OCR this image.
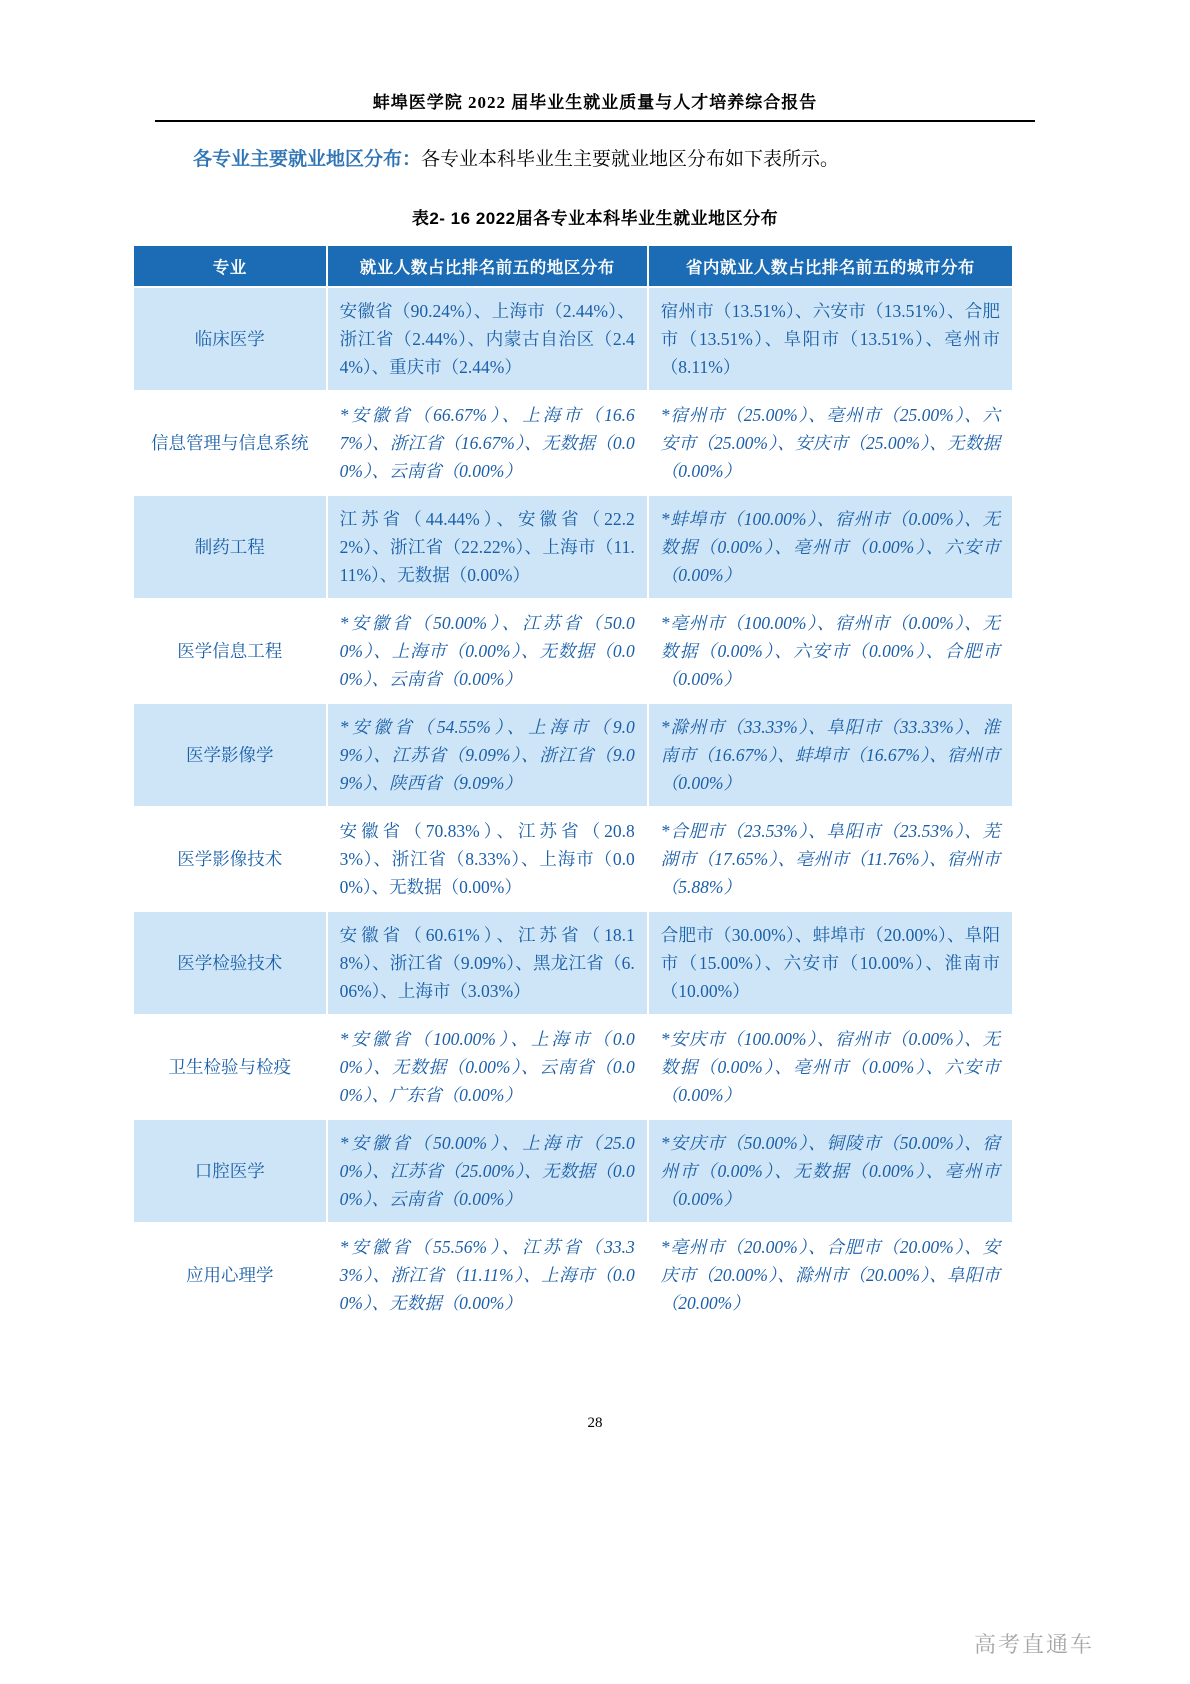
蚌埠医学院 2022 届毕业生就业质量与人才培养综合报告
各专业主要就业地区分布：各专业本科毕业生主要就业地区分布如下表所示。
表2- 16 2022届各专业本科毕业生就业地区分布
专业	就业人数占比排名前五的地区分布	省内就业人数占比排名前五的城市分布
临床医学	安徽省（90.24%）、上海市（2.44%）、浙江省（2.44%）、内蒙古自治区（2.44%）、重庆市（2.44%）	宿州市（13.51%）、六安市（13.51%）、合肥市（13.51%）、阜阳市（13.51%）、亳州市（8.11%）
信息管理与信息系统	*安徽省（66.67%）、上海市（16.67%）、浙江省（16.67%）、无数据（0.00%）、云南省（0.00%）	*宿州市（25.00%）、亳州市（25.00%）、六安市（25.00%）、安庆市（25.00%）、无数据（0.00%）
制药工程	江苏省（44.44%）、安徽省（22.22%）、浙江省（22.22%）、上海市（11.11%）、无数据（0.00%）	*蚌埠市（100.00%）、宿州市（0.00%）、无数据（0.00%）、亳州市（0.00%）、六安市（0.00%）
医学信息工程	*安徽省（50.00%）、江苏省（50.00%）、上海市（0.00%）、无数据（0.00%）、云南省（0.00%）	*亳州市（100.00%）、宿州市（0.00%）、无数据（0.00%）、六安市（0.00%）、合肥市（0.00%）
医学影像学	*安徽省（54.55%）、上海市（9.09%）、江苏省（9.09%）、浙江省（9.09%）、陕西省（9.09%）	*滁州市（33.33%）、阜阳市（33.33%）、淮南市（16.67%）、蚌埠市（16.67%）、宿州市（0.00%）
医学影像技术	安徽省（70.83%）、江苏省（20.83%）、浙江省（8.33%）、上海市（0.00%）、无数据（0.00%）	*合肥市（23.53%）、阜阳市（23.53%）、芜湖市（17.65%）、亳州市（11.76%）、宿州市（5.88%）
医学检验技术	安徽省（60.61%）、江苏省（18.18%）、浙江省（9.09%）、黑龙江省（6.06%）、上海市（3.03%）	合肥市（30.00%）、蚌埠市（20.00%）、阜阳市（15.00%）、六安市（10.00%）、淮南市（10.00%）
卫生检验与检疫	*安徽省（100.00%）、上海市（0.00%）、无数据（0.00%）、云南省（0.00%）、广东省（0.00%）	*安庆市（100.00%）、宿州市（0.00%）、无数据（0.00%）、亳州市（0.00%）、六安市（0.00%）
口腔医学	*安徽省（50.00%）、上海市（25.00%）、江苏省（25.00%）、无数据（0.00%）、云南省（0.00%）	*安庆市（50.00%）、铜陵市（50.00%）、宿州市（0.00%）、无数据（0.00%）、亳州市（0.00%）
应用心理学	*安徽省（55.56%）、江苏省（33.33%）、浙江省（11.11%）、上海市（0.00%）、无数据（0.00%）	*亳州市（20.00%）、合肥市（20.00%）、安庆市（20.00%）、滁州市（20.00%）、阜阳市（20.00%）
28
高考直通车
